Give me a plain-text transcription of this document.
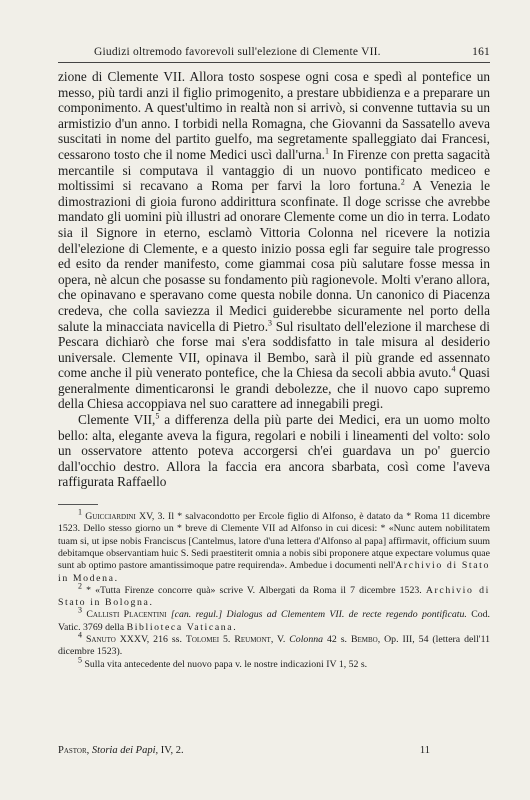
Giudizi oltremodo favorevoli sull'elezione di Clemente VII.	161

zione di Clemente VII. Allora tosto sospese ogni cosa e spedì al pontefice un messo, più tardi anzi il figlio primogenito, a prestare ubbidienza e a preparare un componimento. A quest'ultimo in realtà non si arrivò, si convenne tuttavia su un armistizio d'un anno. I torbidi nella Romagna, che Giovanni da Sassatello aveva suscitati in nome del partito guelfo, ma segretamente spalleggiato dai Francesi, cessarono tosto che il nome Medici uscì dall'urna.$^1$ In Firenze con pretta sagacità mercantile si computava il vantaggio di un nuovo pontificato mediceo e moltissimi si recavano a Roma per farvi la loro fortuna.$^2$ A Venezia le dimostrazioni di gioia furono addirittura sconfinate. Il doge scrisse che avrebbe mandato gli uomini più illustri ad onorare Clemente come un dio in terra. Lodato sia il Signore in eterno, esclamò Vittoria Colonna nel ricevere la notizia dell'elezione di Clemente, e a questo inizio possa egli far seguire tale progresso ed esito da render manifesto, come giammai cosa più salutare fosse messa in opera, nè alcun che posasse su fondamento più ragionevole. Molti v'erano allora, che opinavano e speravano come questa nobile donna. Un canonico di Piacenza credeva, che colla saviezza il Medici guiderebbe sicuramente nel porto della salute la minacciata navicella di Pietro.$^3$ Sul risultato dell'elezione il marchese di Pescara dichiarò che forse mai s'era soddisfatto in tale misura al desiderio universale. Clemente VII, opinava il Bembo, sarà il più grande ed assennato come anche il più venerato pontefice, che la Chiesa da secoli abbia avuto.$^4$ Quasi generalmente dimenticaronsi le grandi debolezze, che il nuovo capo supremo della Chiesa accoppiava nel suo carattere ad innegabili pregi.

Clemente VII,$^5$ a differenza della più parte dei Medici, era un uomo molto bello: alta, elegante aveva la figura, regolari e nobili i lineamenti del volto: solo un osservatore attento poteva accorgersi ch'ei guardava un po' guercio dall'occhio destro. Allora la faccia era ancora sbarbata, così come l'aveva raffigurata Raffaello

$^1$ Guicciardini XV, 3. Il * salvacondotto per Ercole figlio di Alfonso, è datato da * Roma 11 dicembre 1523. Dello stesso giorno un * breve di Clemente VII ad Alfonso in cui dicesi: * «Nunc autem nobilitatem tuam si, ut ipse nobis Franciscus [Cantelmus, latore d'una lettera d'Alfonso al papa] affirmavit, officium suum debitamque observantiam huic S. Sedi praestiterit omnia a nobis sibi proponere atque expectare volumus quae sunt ab optimo pastore amantissimoque patre requirenda». Ambedue i documenti nell'Archivio di Stato in Modena.

$^2$ * «Tutta Firenze concorre quà» scrive V. Albergati da Roma il 7 dicembre 1523. Archivio di Stato in Bologna.

$^3$ Callisti Placentini [can. regul.] Dialogus ad Clementem VII. de recte regendo pontificatu. Cod. Vatic. 3769 della Biblioteca Vaticana.

$^4$ Sanuto XXXV, 216 ss. Tolomei 5. Reumont, V. Colonna 42 s. Bembo, Op. III, 54 (lettera dell'11 dicembre 1523).

$^5$ Sulla vita antecedente del nuovo papa v. le nostre indicazioni IV 1, 52 s.

Pastor, Storia dei Papi, IV, 2.	11
